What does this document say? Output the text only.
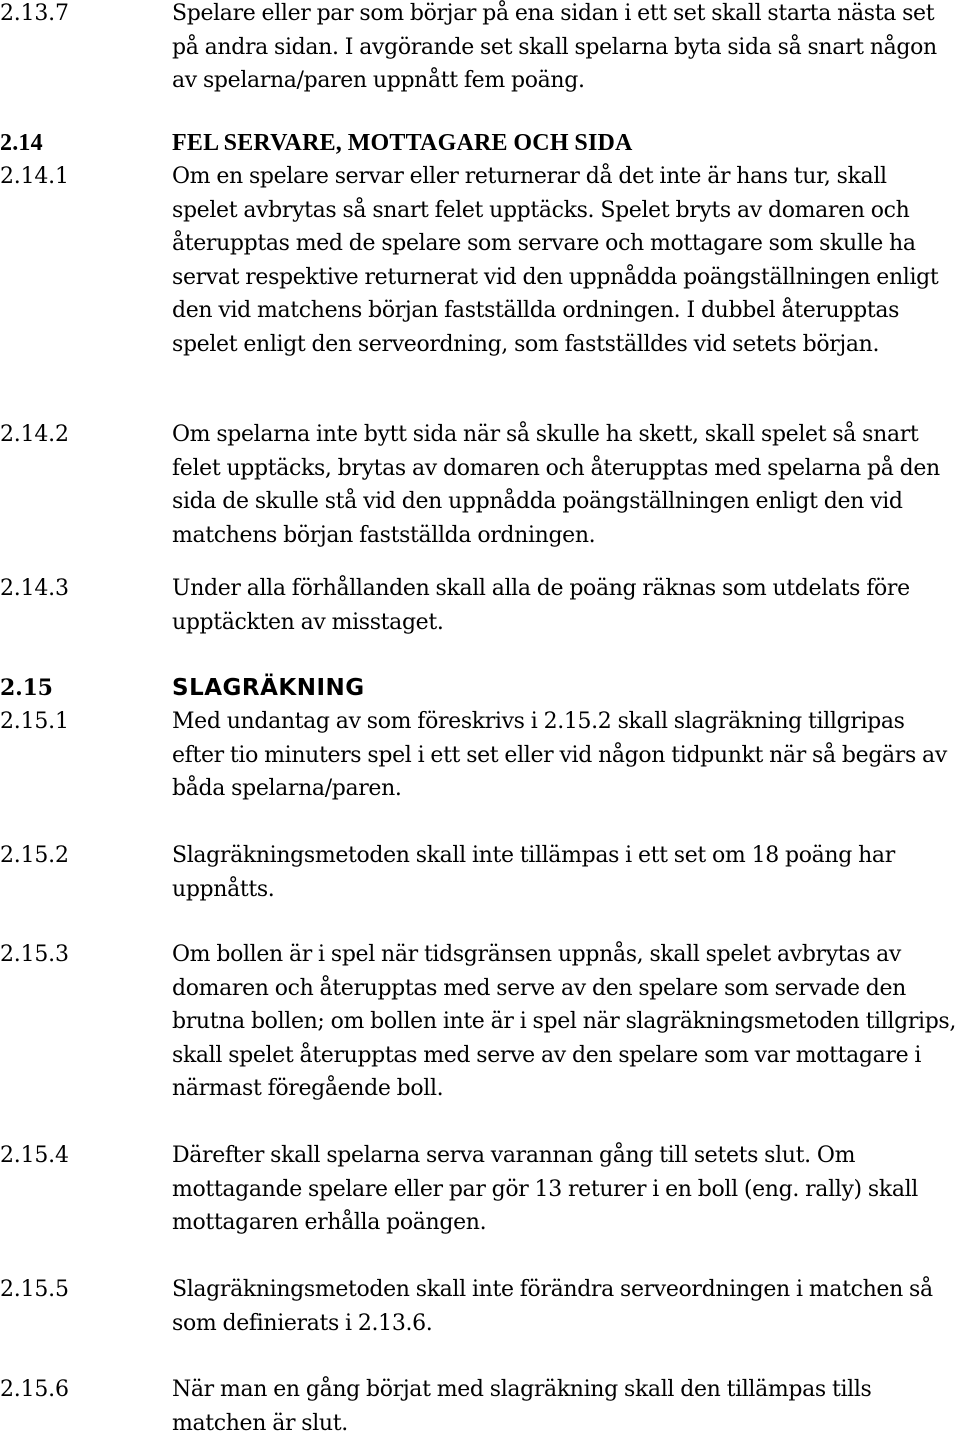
2.13.7	Spelare eller par som börjar på ena sidan i ett set skall starta nästa set på andra sidan. I avgörande set skall spelarna byta sida så snart någon av spelarna/paren uppnått fem poäng.
2.14	FEL SERVARE, MOTTAGARE OCH SIDA
2.14.1	Om en spelare servar eller returnerar då det inte är hans tur, skall spelet avbrytas så snart felet upptäcks. Spelet bryts av domaren och återupptas med de spelare som servare och mottagare som skulle ha servat respektive returnerat vid den uppnådda poängställningen enligt den vid matchens början fastställda ordningen. I dubbel återupptas spelet enligt den serveordning, som fastställdes vid setets början.
2.14.2	Om spelarna inte bytt sida när så skulle ha skett, skall spelet så snart felet upptäcks, brytas av domaren och återupptas med spelarna på den sida de skulle stå vid den uppnådda poängställningen enligt den vid matchens början fastställda ordningen.
2.14.3	Under alla förhållanden skall alla de poäng räknas som utdelats före upptäckten av misstaget.
2.15	SLAGRÄKNING
2.15.1	Med undantag av som föreskrivs i 2.15.2 skall slagräkning tillgripas efter tio minuters spel i ett set eller vid någon tidpunkt när så begärs av båda spelarna/paren.
2.15.2	Slagräkningsmetoden skall inte tillämpas i ett set om 18 poäng har uppnåtts.
2.15.3	Om bollen är i spel när tidsgränsen uppnås, skall spelet avbrytas av domaren och återupptas med serve av den spelare som servade den brutna bollen; om bollen inte är i spel när slagräkningsmetoden tillgrips, skall spelet återupptas med serve av den spelare som var mottagare i närmast föregående boll.
2.15.4	Därefter skall spelarna serva varannan gång till setets slut. Om mottagande spelare eller par gör 13 returer i en boll (eng. rally) skall mottagaren erhålla poängen.
2.15.5	Slagräkningsmetoden skall inte förändra serveordningen i matchen så som definierats i 2.13.6.
2.15.6	När man en gång börjat med slagräkning skall den tillämpas tills matchen är slut.
